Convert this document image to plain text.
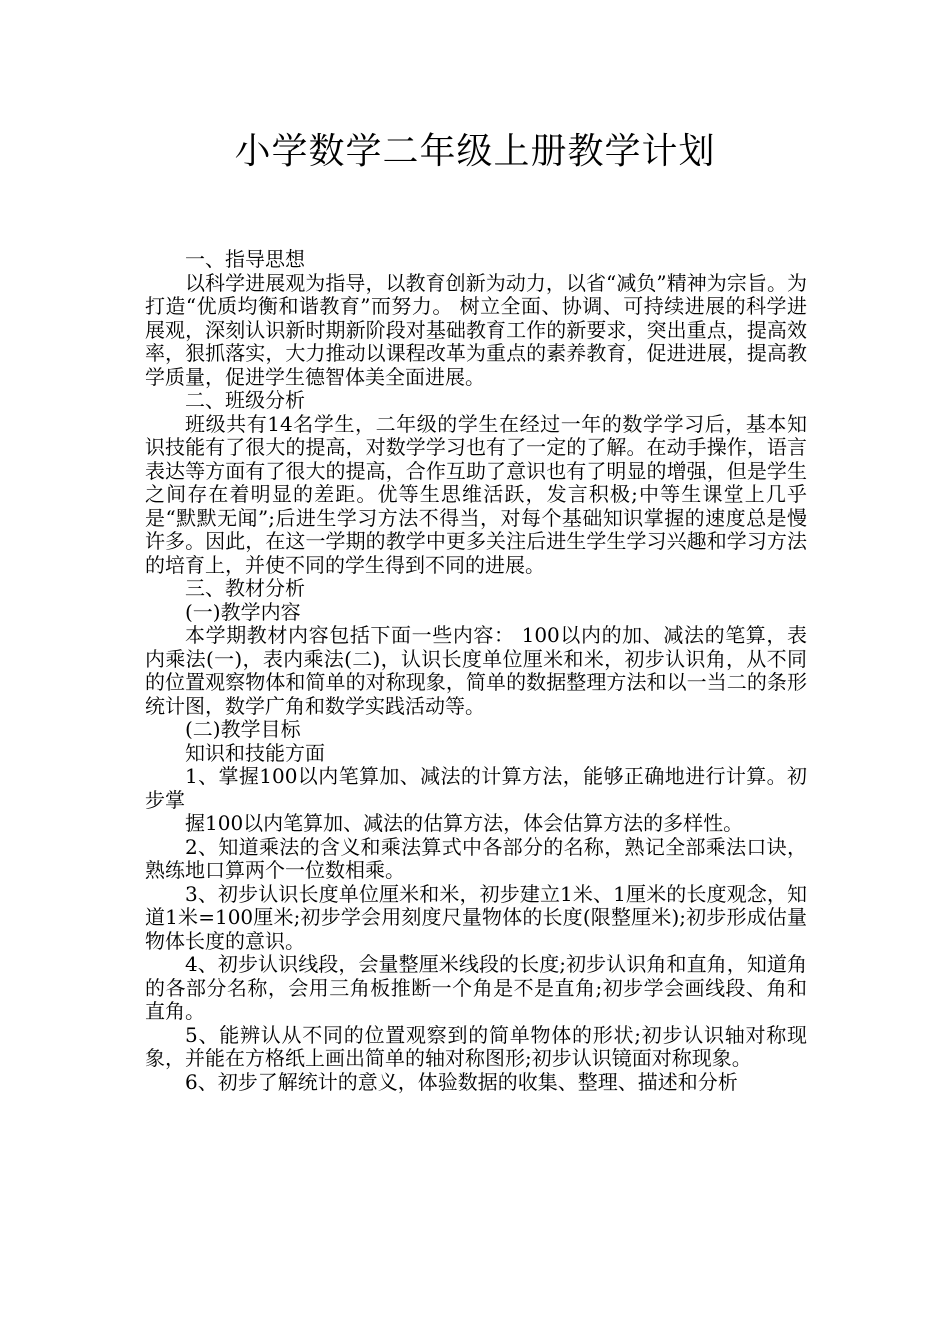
小学数学二年级上册教学计划

一、指导思想

以科学进展观为指导，以教育创新为动力，以省“减负”精神为宗旨。为打造“优质均衡和谐教育”而努力。 树立全面、协调、可持续进展的科学进展观，深刻认识新时期新阶段对基础教育工作的新要求，突出重点，提高效率，狠抓落实，大力推动以课程改革为重点的素养教育，促进进展，提高教学质量，促进学生德智体美全面进展。

二、班级分析

班级共有14名学生，二年级的学生在经过一年的数学学习后，基本知识技能有了很大的提高，对数学学习也有了一定的了解。在动手操作，语言表达等方面有了很大的提高，合作互助了意识也有了明显的增强，但是学生之间存在着明显的差距。优等生思维活跃，发言积极;中等生课堂上几乎是“默默无闻”;后进生学习方法不得当，对每个基础知识掌握的速度总是慢许多。因此，在这一学期的教学中更多关注后进生学生学习兴趣和学习方法的培育上，并使不同的学生得到不同的进展。

三、教材分析

(一)教学内容

本学期教材内容包括下面一些内容： 100以内的加、减法的笔算，表内乘法(一)，表内乘法(二)，认识长度单位厘米和米，初步认识角，从不同的位置观察物体和简单的对称现象，简单的数据整理方法和以一当二的条形统计图，数学广角和数学实践活动等。

(二)教学目标

知识和技能方面

1、掌握100以内笔算加、减法的计算方法，能够正确地进行计算。初步掌

握100以内笔算加、减法的估算方法，体会估算方法的多样性。

2、知道乘法的含义和乘法算式中各部分的名称，熟记全部乘法口诀，熟练地口算两个一位数相乘。

3、初步认识长度单位厘米和米，初步建立1米、1厘米的长度观念，知道1米=100厘米;初步学会用刻度尺量物体的长度(限整厘米);初步形成估量物体长度的意识。

4、初步认识线段，会量整厘米线段的长度;初步认识角和直角，知道角的各部分名称，会用三角板推断一个角是不是直角;初步学会画线段、角和直角。

5、能辨认从不同的位置观察到的简单物体的形状;初步认识轴对称现象，并能在方格纸上画出简单的轴对称图形;初步认识镜面对称现象。

6、初步了解统计的意义，体验数据的收集、整理、描述和分析
